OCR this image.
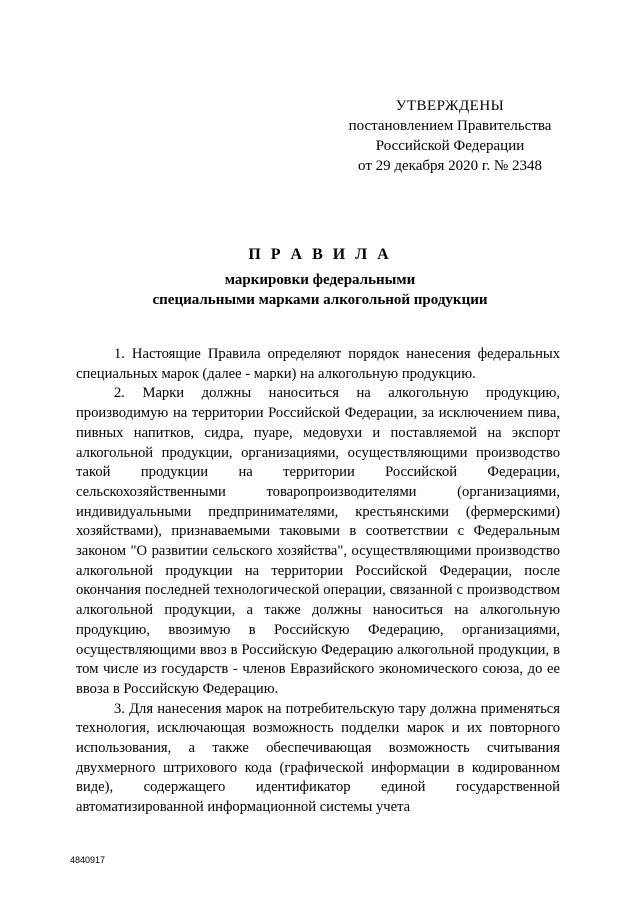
УТВЕРЖДЕНЫ
постановлением Правительства
Российской Федерации
от 29 декабря 2020 г. № 2348
П Р А В И Л А
маркировки федеральными
специальными марками алкогольной продукции

1. Настоящие Правила определяют порядок нанесения федеральных специальных марок (далее - марки) на алкогольную продукцию.

2. Марки должны наноситься на алкогольную продукцию, производимую на территории Российской Федерации, за исключением пива, пивных напитков, сидра, пуаре, медовухи и поставляемой на экспорт алкогольной продукции, организациями, осуществляющими производство такой продукции на территории Российской Федерации, сельскохозяйственными товаропроизводителями (организациями, индивидуальными предпринимателями, крестьянскими (фермерскими) хозяйствами), признаваемыми таковыми в соответствии с Федеральным законом "О развитии сельского хозяйства", осуществляющими производство алкогольной продукции на территории Российской Федерации, после окончания последней технологической операции, связанной с производством алкогольной продукции, а также должны наноситься на алкогольную продукцию, ввозимую в Российскую Федерацию, организациями, осуществляющими ввоз в Российскую Федерацию алкогольной продукции, в том числе из государств - членов Евразийского экономического союза, до ее ввоза в Российскую Федерацию.

3. Для нанесения марок на потребительскую тару должна применяться технология, исключающая возможность подделки марок и их повторного использования, а также обеспечивающая возможность считывания двухмерного штрихового кода (графической информации в кодированном виде), содержащего идентификатор единой государственной автоматизированной информационной системы учета

4840917
